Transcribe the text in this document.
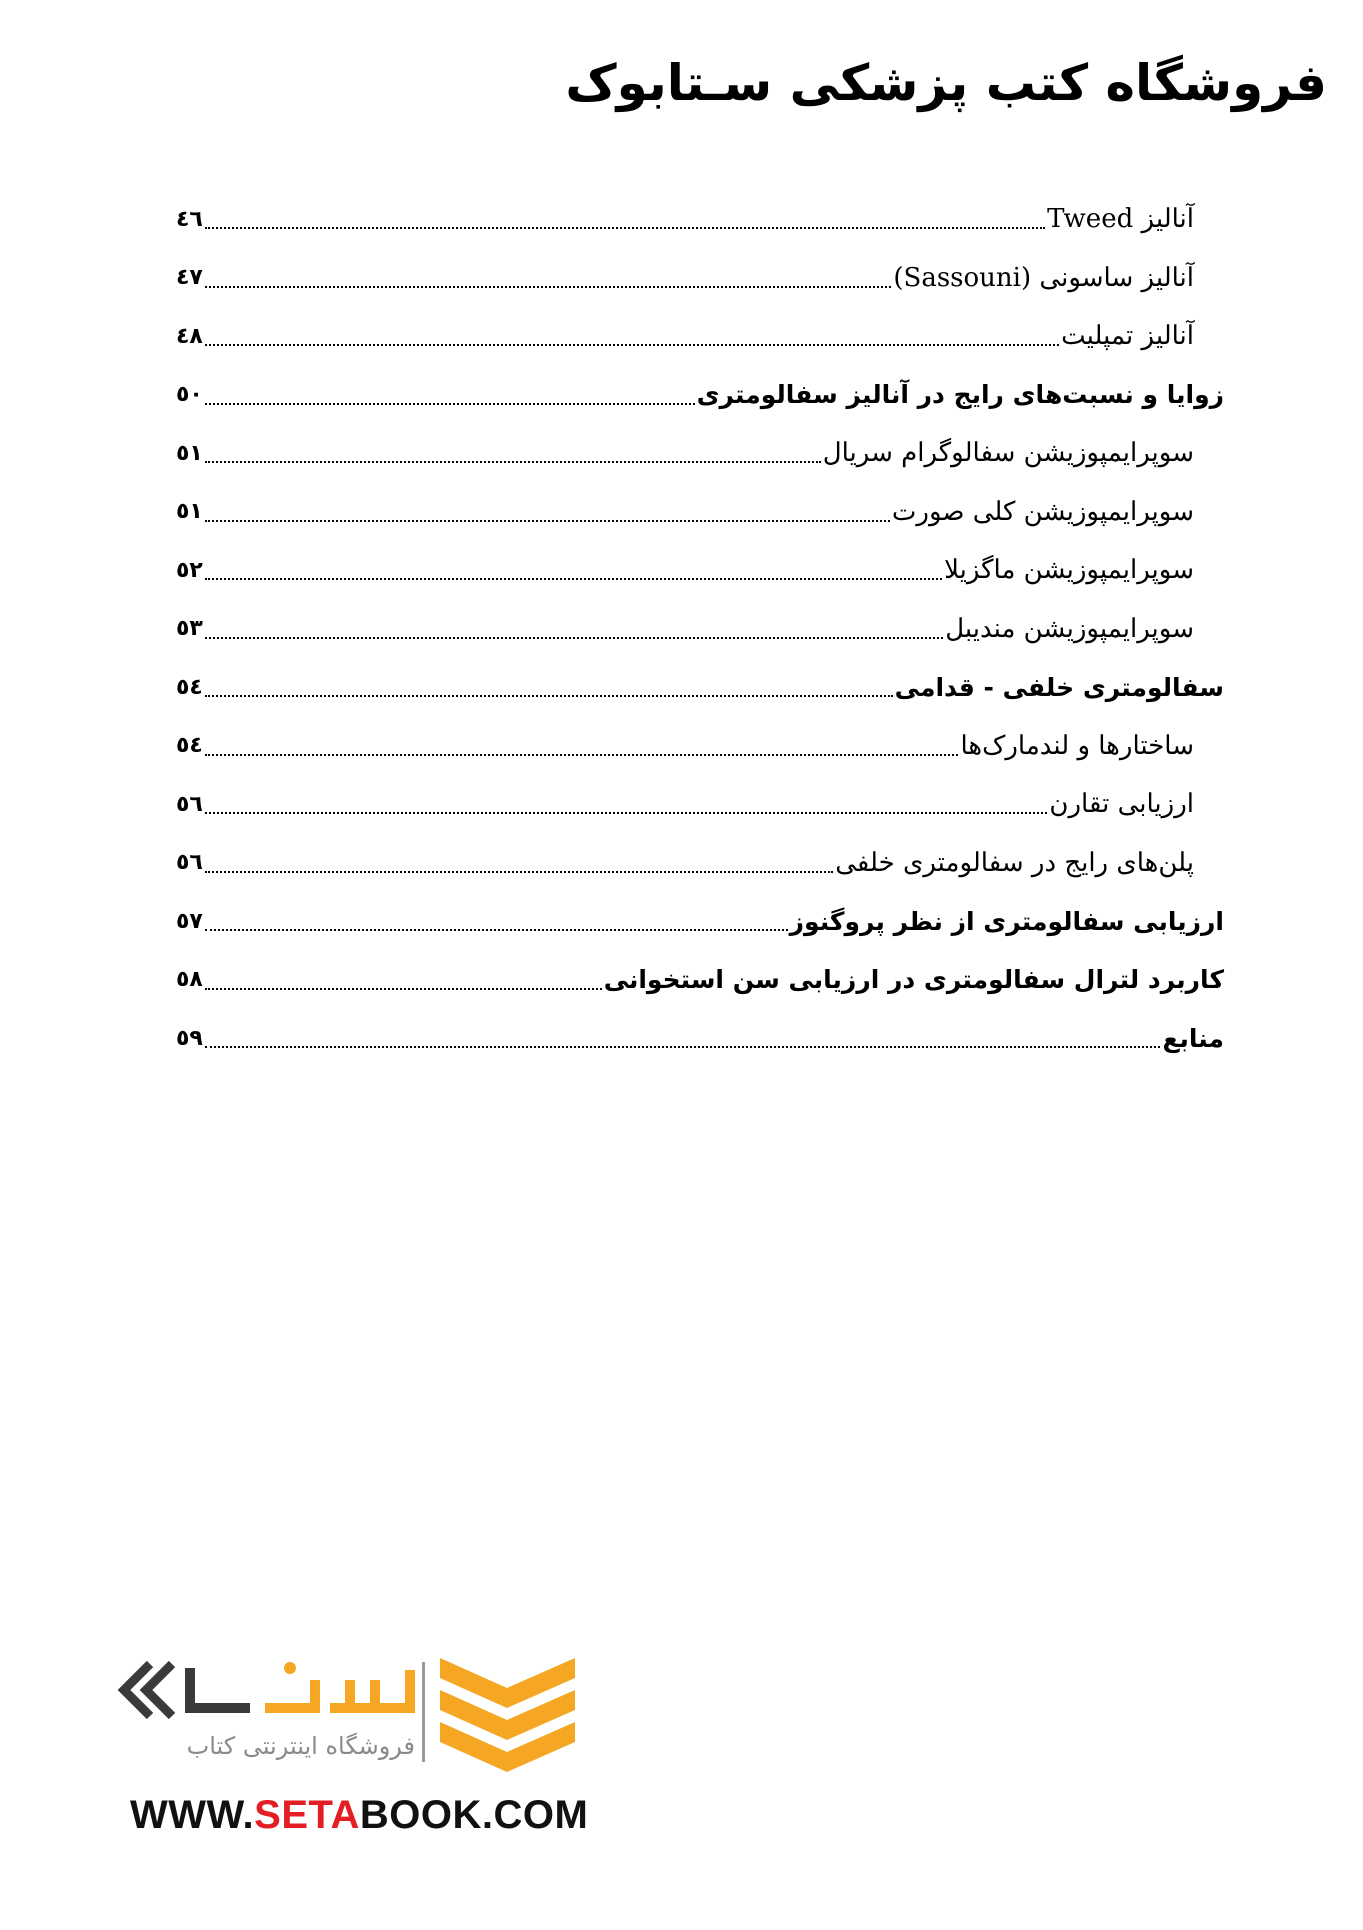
فروشگاه کتب پزشکی سـتابوک
آنالیز Tweed
٤٦
آنالیز ساسونی (Sassouni)
٤٧
آنالیز تمپلیت
٤٨
زوایا و نسبت‌های رایج در آنالیز سفالومتری
٥٠
سوپرایمپوزیشن سفالوگرام سریال
٥١
سوپرایمپوزیشن کلی صورت
٥١
سوپرایمپوزیشن ماگزیلا
٥٢
سوپرایمپوزیشن مندیبل
٥٣
سفالومتری خلفی - قدامی
٥٤
ساختارها و لندمارک‌ها
٥٤
ارزیابی تقارن
٥٦
پلن‌های رایج در سفالومتری خلفی
٥٦
ارزیابی سفالومتری از نظر پروگنوز
٥٧
کاربرد لترال سفالومتری در ارزیابی سن استخوانی
٥٨
منابع
٥٩
فروشگاه اینترنتی کتاب
WWW.SETABOOK.COM
